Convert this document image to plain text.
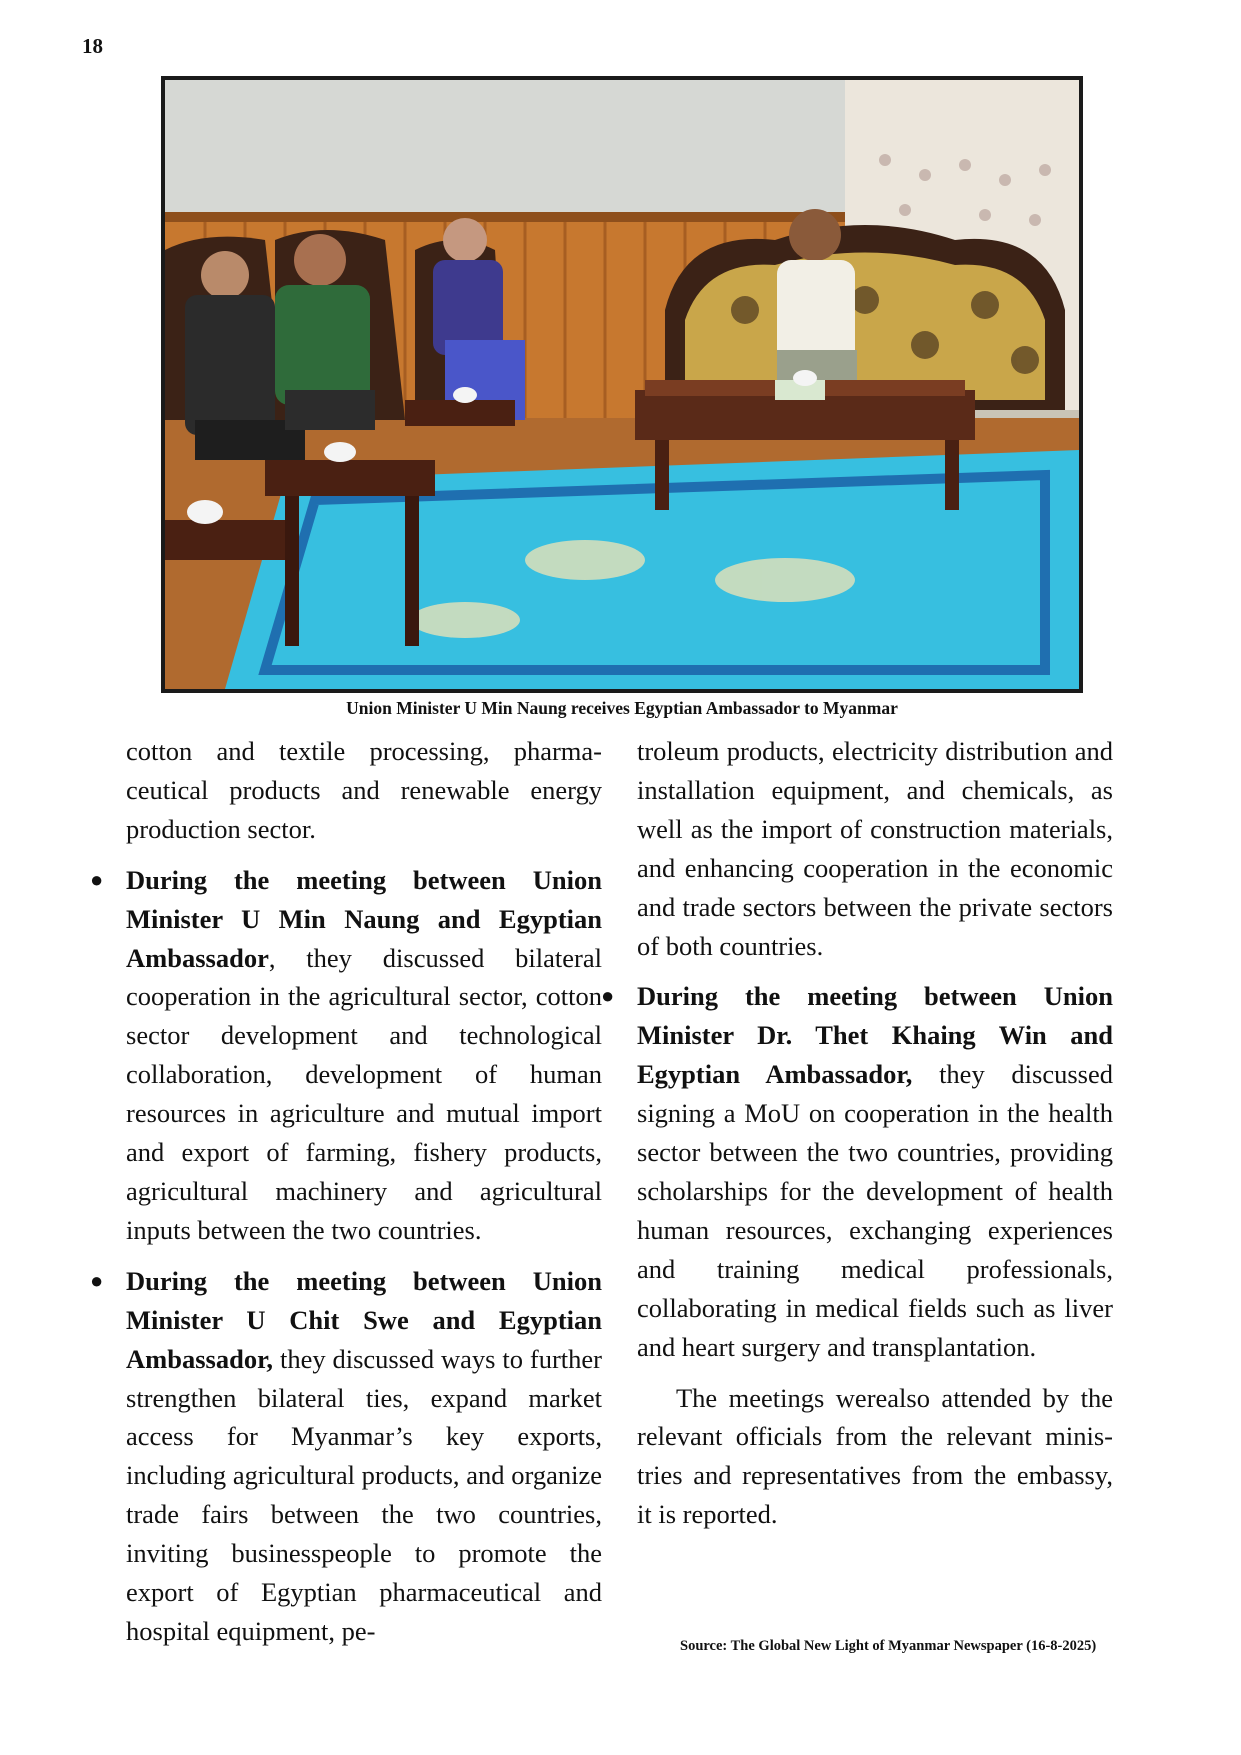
18
Union Minister U Min Naung receives Egyptian Ambassador to Myanmar

cotton and textile processing, pharmaceutical products and renewable energy production sector.

● During the meeting between Union Minister U Min Naung and Egyptian Ambassador, they discussed bilateral cooperation in the agricultural sector, cotton sector development and technological collaboration, development of human resources in agriculture and mutual import and export of farming, fishery products, agricultural machinery and agricultural inputs between the two countries.
● During the meeting between Union Minister U Chit Swe and Egyptian Ambassador, they discussed ways to further strengthen bilateral ties, expand market access for Myanmar’s key exports, including agricultural products, and organize trade fairs between the two countries, inviting businesspeople to promote the export of Egyptian pharmaceutical and hospital equipment, pe-

troleum products, electricity distribution and installation equipment, and chemicals, as well as the import of construction materials, and enhancing cooperation in the economic and trade sectors between the private sectors of both countries.

● During the meeting between Union Minister Dr. Thet Khaing Win and Egyptian Ambassador, they discussed signing a MoU on cooperation in the health sector between the two countries, providing scholarships for the development of health human resources, exchanging experiences and training medical professionals, collaborating in medical fields such as liver and heart surgery and transplantation.

The meetings werealso attended by the relevant officials from the relevant ministries and representatives from the embassy, it is reported.

Source: The Global New Light of Myanmar Newspaper (16-8-2025)
